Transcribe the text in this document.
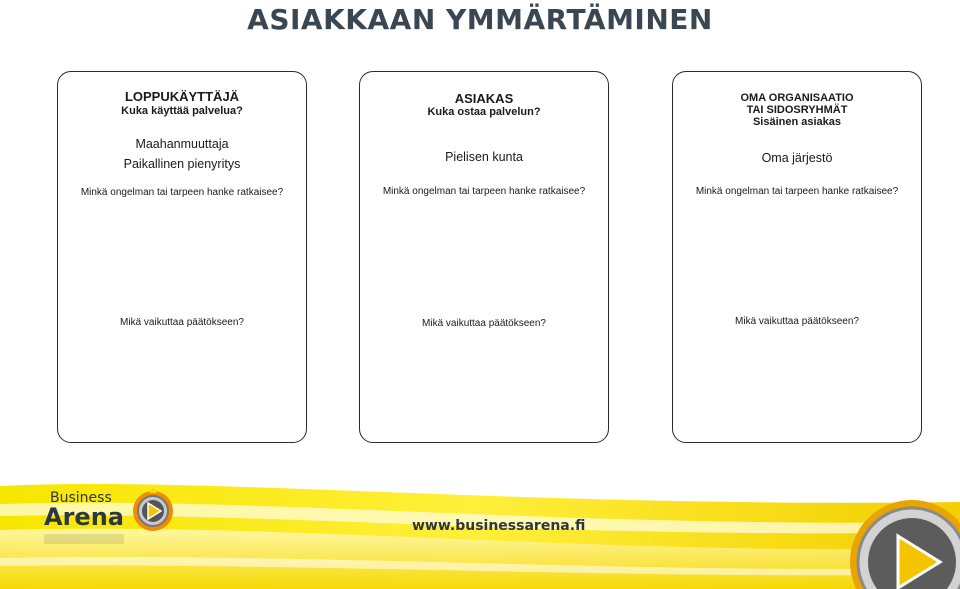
ASIAKKAAN YMMÄRTÄMINEN
LOPPUKÄYTTÄJÄ
Kuka käyttää palvelua?
Maahanmuuttaja
Paikallinen pienyritys
Minkä ongelman tai tarpeen hanke ratkaisee?
Mikä vaikuttaa päätökseen?
ASIAKAS
Kuka ostaa palvelun?
Pielisen kunta
Minkä ongelman tai tarpeen hanke ratkaisee?
Mikä vaikuttaa päätökseen?
OMA ORGANISAATIO
TAI SIDOSRYHMÄT
Sisäinen asiakas
Oma järjestö
Minkä ongelman tai tarpeen hanke ratkaisee?
Mikä vaikuttaa päätökseen?
Business
Arena	www.businessarena.fi
